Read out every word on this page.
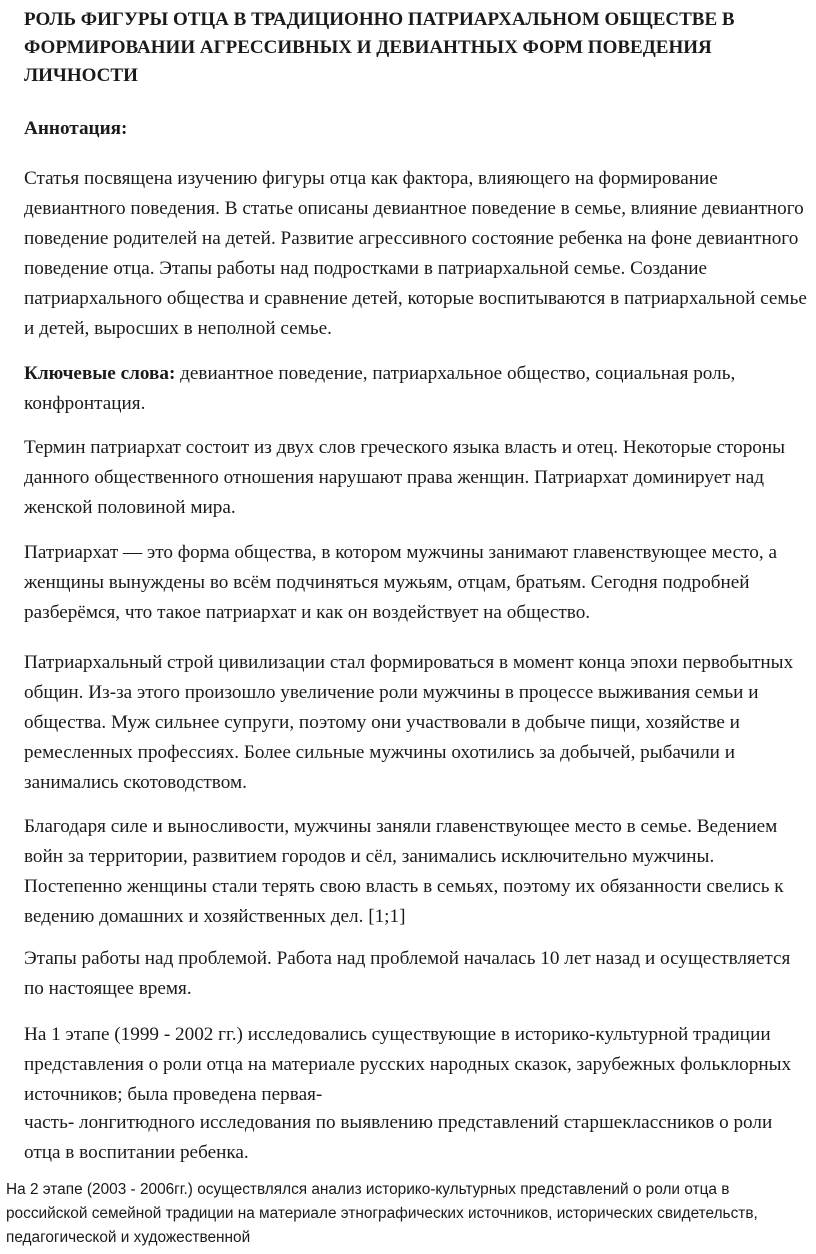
РОЛЬ ФИГУРЫ ОТЦА В ТРАДИЦИОННО ПАТРИАРХАЛЬНОМ ОБЩЕСТВЕ В ФОРМИРОВАНИИ АГРЕССИВНЫХ И ДЕВИАНТНЫХ ФОРМ ПОВЕДЕНИЯ ЛИЧНОСТИ

Аннотация:

Статья посвящена изучению фигуры отца как фактора, влияющего на формирование девиантного поведения. В статье описаны девиантное поведение в семье, влияние девиантного поведение родителей на детей. Развитие агрессивного состояние ребенка на фоне девиантного поведение отца. Этапы работы над подростками в патриархальной семье. Создание патриархального общества и сравнение детей, которые воспитываются в патриархальной семье и детей, выросших в неполной семье.

Ключевые слова: девиантное поведение, патриархальное общество, социальная роль, конфронтация.

Термин патриархат состоит из двух слов греческого языка власть и отец. Некоторые стороны данного общественного отношения нарушают права женщин. Патриархат доминирует над женской половиной мира.

Патриархат — это форма общества, в котором мужчины занимают главенствующее место, а женщины вынуждены во всём подчиняться мужьям, отцам, братьям. Сегодня подробней разберёмся, что такое патриархат и как он воздействует на общество.

Патриархальный строй цивилизации стал формироваться в момент конца эпохи первобытных общин. Из-за этого произошло увеличение роли мужчины в процессе выживания семьи и общества. Муж сильнее супруги, поэтому они участвовали в добыче пищи, хозяйстве и ремесленных профессиях. Более сильные мужчины охотились за добычей, рыбачили и занимались скотоводством.

Благодаря силе и выносливости, мужчины заняли главенствующее место в семье. Ведением войн за территории, развитием городов и сёл, занимались исключительно мужчины. Постепенно женщины стали терять свою власть в семьях, поэтому их обязанности свелись к ведению домашних и хозяйственных дел. [1;1]

Этапы работы над проблемой. Работа над проблемой началась 10 лет назад и осуществляется по настоящее время.

На 1 этапе (1999 - 2002 гг.) исследовались существующие в историко-культурной традиции представления о роли отца на материале русских народных сказок, зарубежных фольклорных источников; была проведена первая-

часть- лонгитюдного исследования по выявлению представлений старшеклассников о роли отца в воспитании ребенка.

На 2 этапе (2003 - 2006гг.) осуществлялся анализ историко-культурных представлений о роли отца в российской семейной традиции на материале этнографических источников, исторических свидетельств, педагогической и художественной
